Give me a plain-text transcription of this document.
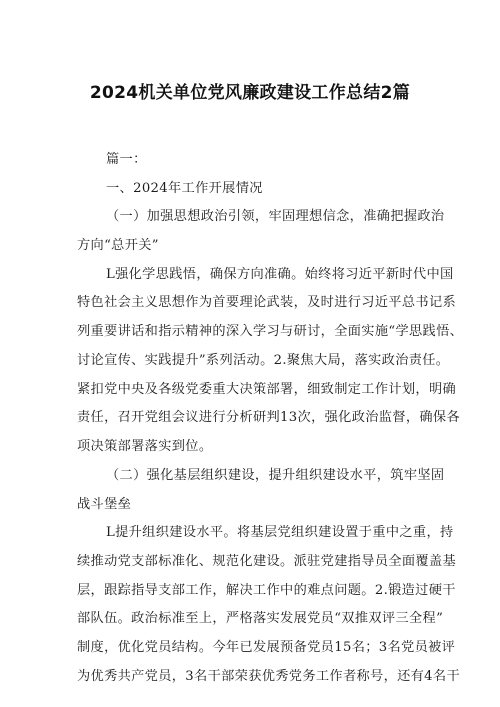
2024机关单位党风廉政建设工作总结2篇
篇一：
一、2024年工作开展情况
（一）加强思想政治引领，牢固理想信念，准确把握政治
方向“总开关”
L强化学思践悟，确保方向准确。始终将习近平新时代中国
特色社会主义思想作为首要理论武装，及时进行习近平总书记系
列重要讲话和指示精神的深入学习与研讨，全面实施“学思践悟、
讨论宣传、实践提升”系列活动。2.聚焦大局，落实政治责任。
紧扣党中央及各级党委重大决策部署，细致制定工作计划，明确
责任，召开党组会议进行分析研判13次，强化政治监督，确保各
项决策部署落实到位。
（二）强化基层组织建设，提升组织建设水平，筑牢坚固
战斗堡垒
L提升组织建设水平。将基层党组织建设置于重中之重，持
续推动党支部标准化、规范化建设。派驻党建指导员全面覆盖基
层，跟踪指导支部工作，解决工作中的难点问题。2.锻造过硬干
部队伍。政治标准至上，严格落实发展党员“双推双评三全程”
制度，优化党员结构。今年已发展预备党员15名；3名党员被评
为优秀共产党员，3名干部荣获优秀党务工作者称号，还有4名干
